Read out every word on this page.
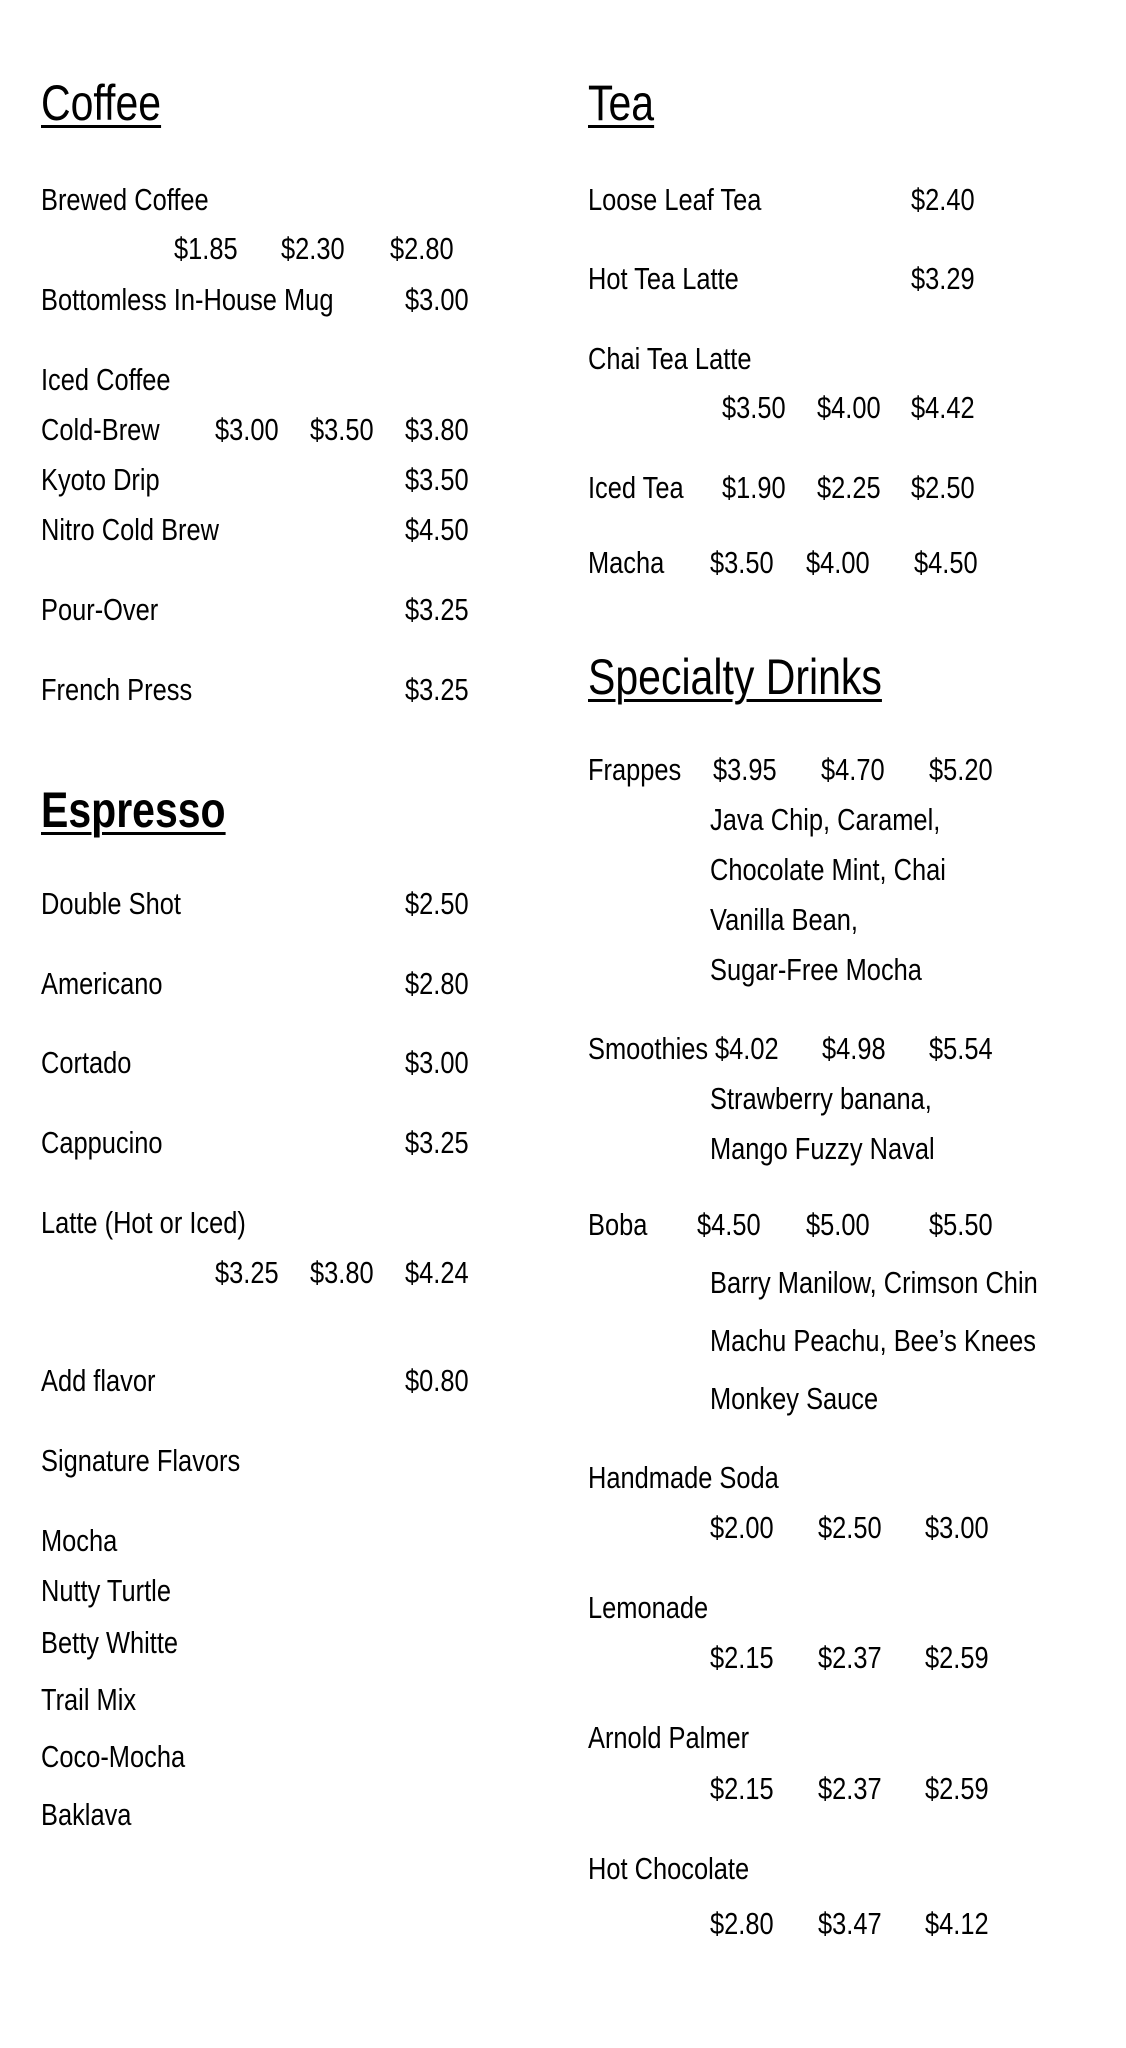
Coffee
Brewed Coffee
$1.85 $2.30 $2.80
Bottomless In-House Mug $3.00
Iced Coffee
Cold-Brew $3.00 $3.50 $3.80
Kyoto Drip	$3.50
Nitro Cold Brew	$4.50
Pour-Over	$3.25
French Press	$3.25
Espresso
Double Shot	$2.50
Americano	$2.80
Cortado	$3.00
Cappucino	$3.25
Latte (Hot or Iced)
$3.25 $3.80 $4.24
Add flavor	$0.80
Signature Flavors
Mocha
Nutty Turtle
Betty Whitte
Trail Mix
Coco-Mocha
Baklava
Tea
Loose Leaf Tea	$2.40
Hot Tea Latte	$3.29
Chai Tea Latte
$3.50 $4.00 $4.42
Iced Tea $1.90 $2.25 $2.50
Macha $3.50 $4.00 $4.50
Specialty Drinks
Frappes $3.95 $4.70 $5.20
Java Chip, Caramel,
Chocolate Mint, Chai
Vanilla Bean,
Sugar-Free Mocha
Smoothies $4.02 $4.98 $5.54
Strawberry banana,
Mango Fuzzy Naval
Boba $4.50 $5.00 $5.50
Barry Manilow, Crimson Chin
Machu Peachu, Bee’s Knees
Monkey Sauce
Handmade Soda
$2.00 $2.50 $3.00
Lemonade
$2.15 $2.37 $2.59
Arnold Palmer
$2.15 $2.37 $2.59
Hot Chocolate
$2.80 $3.47 $4.12
